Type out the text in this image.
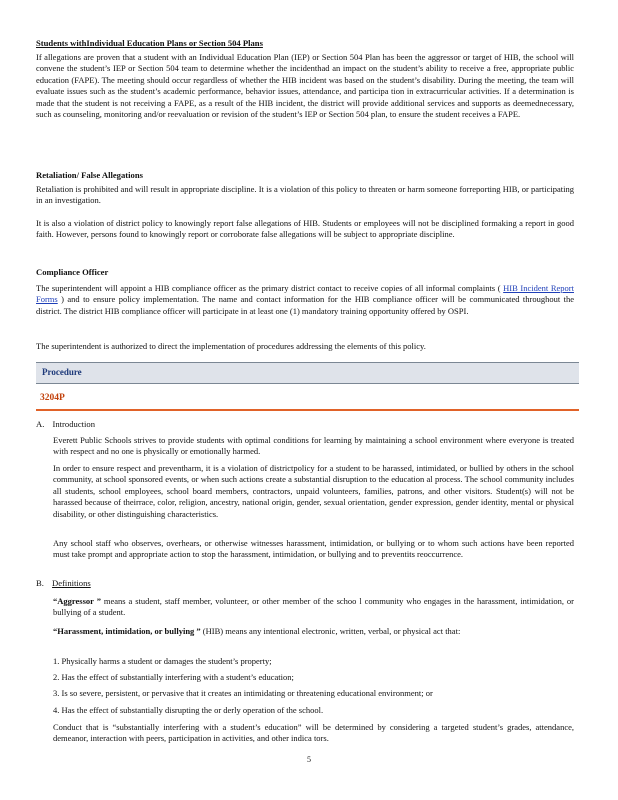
Students withIndividual Education Plans or Section 504 Plans

If allegations are proven that a student with an Individual Education Plan (IEP) or Section 504 Plan has been the aggressor or target of HIB, the school will convene the student’s IEP or Section 504 team to determine whether the incidenthad an impact on the student’s ability to receive a free, appropriate public education (FAPE). The meeting should occur regardless of whether the HIB incident was based on the student’s disability. During the meeting, the team will evaluate issues such as the student’s academic performance, behavior issues, attendance, and participa tion in extracurricular activities. If a determination is made that the student is not receiving a FAPE, as a result of the HIB incident, the district will provide additional services and supports as deemednecessary, such as counseling, monitoring and/or reevaluation or revision of the student’s IEP or Section 504 plan, to ensure the student receives a FAPE.

Retaliation/ False Allegations

Retaliation is prohibited and will result in appropriate discipline. It is a violation of this policy to threaten or harm someone forreporting HIB, or participating in an investigation.

It is also a violation of district policy to knowingly report false allegations of HIB. Students or employees will not be disciplined formaking a report in good faith. However, persons found to knowingly report or corroborate false allegations will be subject to appropriate discipline.

Compliance Officer

The superintendent will appoint a HIB compliance officer as the primary district contact to receive copies of all informal complaints ( HIB Incident Report Forms ) and to ensure policy implementation. The name and contact information for the HIB compliance officer will be communicated throughout the district. The district HIB compliance officer will participate in at least one (1) mandatory training opportunity offered by OSPI.

The superintendent is authorized to direct the implementation of procedures addressing the elements of this policy.

Procedure
3204P
A. Introduction

Everett Public Schools strives to provide students with optimal conditions for learning by maintaining a school environment where everyone is treated with respect and no one is physically or emotionally harmed.

In order to ensure respect and preventharm, it is a violation of districtpolicy for a student to be harassed, intimidated, or bullied by others in the school community, at school sponsored events, or when such actions create a substantial disruption to the education al process. The school community includes all students, school employees, school board members, contractors, unpaid volunteers, families, patrons, and other visitors. Student(s) will not be harassed because of theirrace, color, religion, ancestry, national origin, gender, sexual orientation, gender expression, gender identity, mental or physical disability, or other distinguishing characteristics.

Any school staff who observes, overhears, or otherwise witnesses harassment, intimidation, or bullying or to whom such actions have been reported must take prompt and appropriate action to stop the harassment, intimidation, or bullying and to preventits reoccurrence.

B. Definitions

“Aggressor ” means a student, staff member, volunteer, or other member of the schoo l community who engages in the harassment, intimidation, or bullying of a student.

“Harassment, intimidation, or bullying ” (HIB) means any intentional electronic, written, verbal, or physical act that:

1. Physically harms a student or damages the student’s property;

2. Has the effect of substantially interfering with a student’s education;

3. Is so severe, persistent, or pervasive that it creates an intimidating or threatening educational environment; or

4. Has the effect of substantially disrupting the or derly operation of the school.

Conduct that is “substantially interfering with a student’s education” will be determined by considering a targeted student’s grades, attendance, demeanor, interaction with peers, participation in activities, and other indica tors.

5
